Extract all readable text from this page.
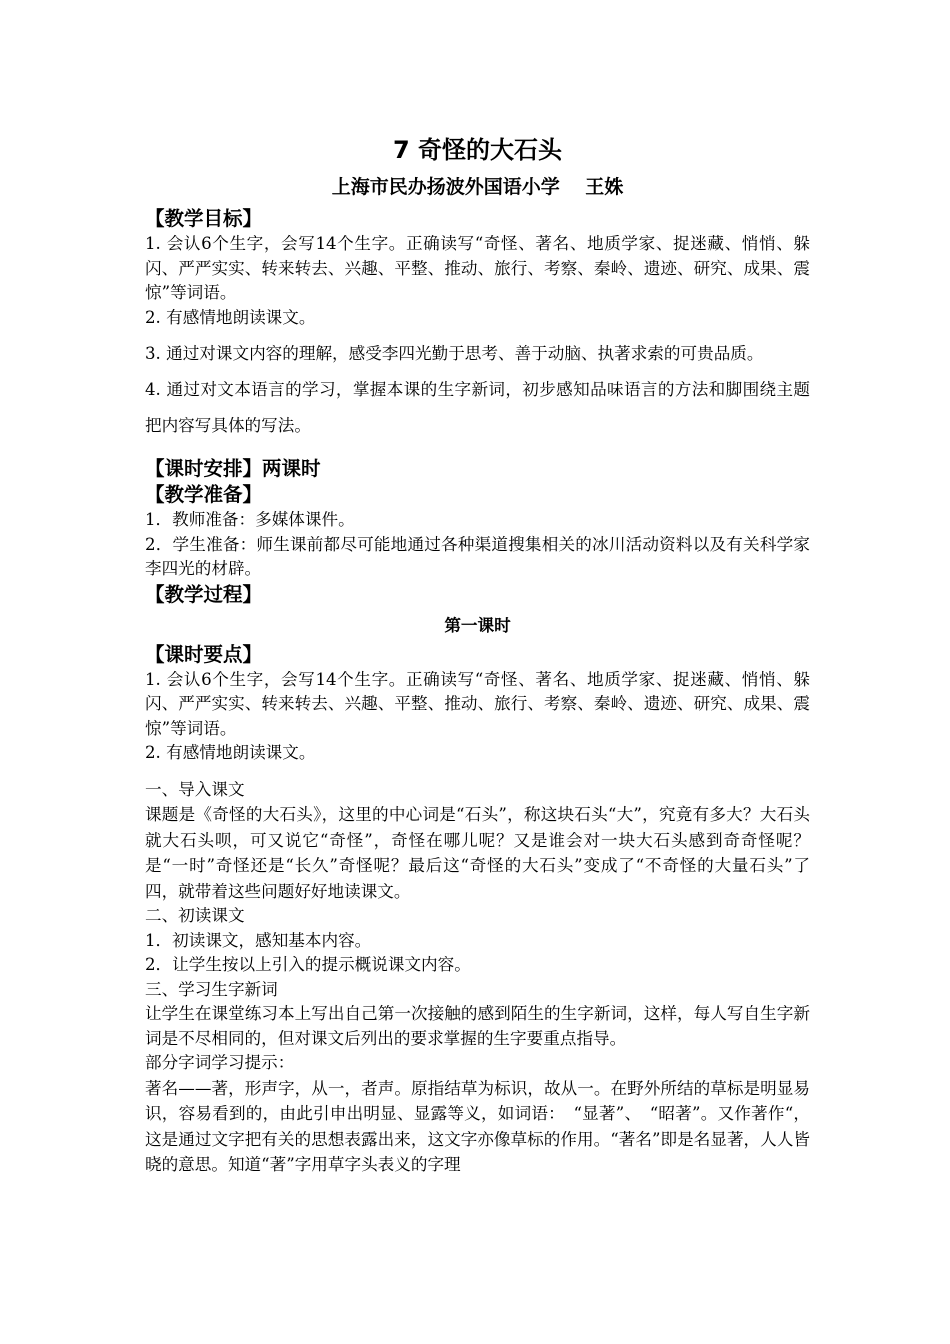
7 奇怪的大石头

上海市民办扬波外国语小学　 王姝

【教学目标】

1. 会认6个生字，会写14个生字。正确读写“奇怪、著名、地质学家、捉迷藏、悄悄、躲闪、严严实实、转来转去、兴趣、平整、推动、旅行、考察、秦岭、遗迹、研究、成果、震惊”等词语。

2. 有感情地朗读课文。

3. 通过对课文内容的理解，感受李四光勤于思考、善于动脑、执著求索的可贵品质。

4. 通过对文本语言的学习，掌握本课的生字新词，初步感知品味语言的方法和脚围绕主题把内容写具体的写法。

【课时安排】两课时

【教学准备】

1．教师准备：多媒体课件。

2．学生准备：师生课前都尽可能地通过各种渠道搜集相关的冰川活动资料以及有关科学家李四光的材辟。

【教学过程】

第一课时

【课时要点】

1. 会认6个生字，会写14个生字。正确读写“奇怪、著名、地质学家、捉迷藏、悄悄、躲闪、严严实实、转来转去、兴趣、平整、推动、旅行、考察、秦岭、遗迹、研究、成果、震惊”等词语。

2. 有感情地朗读课文。

一、导入课文

课题是《奇怪的大石头》，这里的中心词是“石头”，称这块石头“大”，究竟有多大？大石头就大石头呗，可又说它“奇怪”，奇怪在哪儿呢？又是谁会对一块大石头感到奇奇怪呢？是“一时”奇怪还是“长久”奇怪呢？最后这“奇怪的大石头”变成了“不奇怪的大量石头”了四，就带着这些问题好好地读课文。

二、初读课文

1．初读课文，感知基本内容。

2．让学生按以上引入的提示概说课文内容。

三、学习生字新词

让学生在课堂练习本上写出自己第一次接触的感到陌生的生字新词，这样，每人写自生字新词是不尽相同的，但对课文后列出的要求掌握的生字要重点指导。

部分字词学习提示：

著名——著，形声字，从一，者声。原指结草为标识，故从一。在野外所结的草标是明显易识，容易看到的，由此引申出明显、显露等义，如词语：　“显著”、　“昭著”。又作著作“，这是通过文字把有关的思想表露出来，这文字亦像草标的作用。“著名”即是名显著，人人皆晓的意思。知道“著”字用草字头表义的字理
